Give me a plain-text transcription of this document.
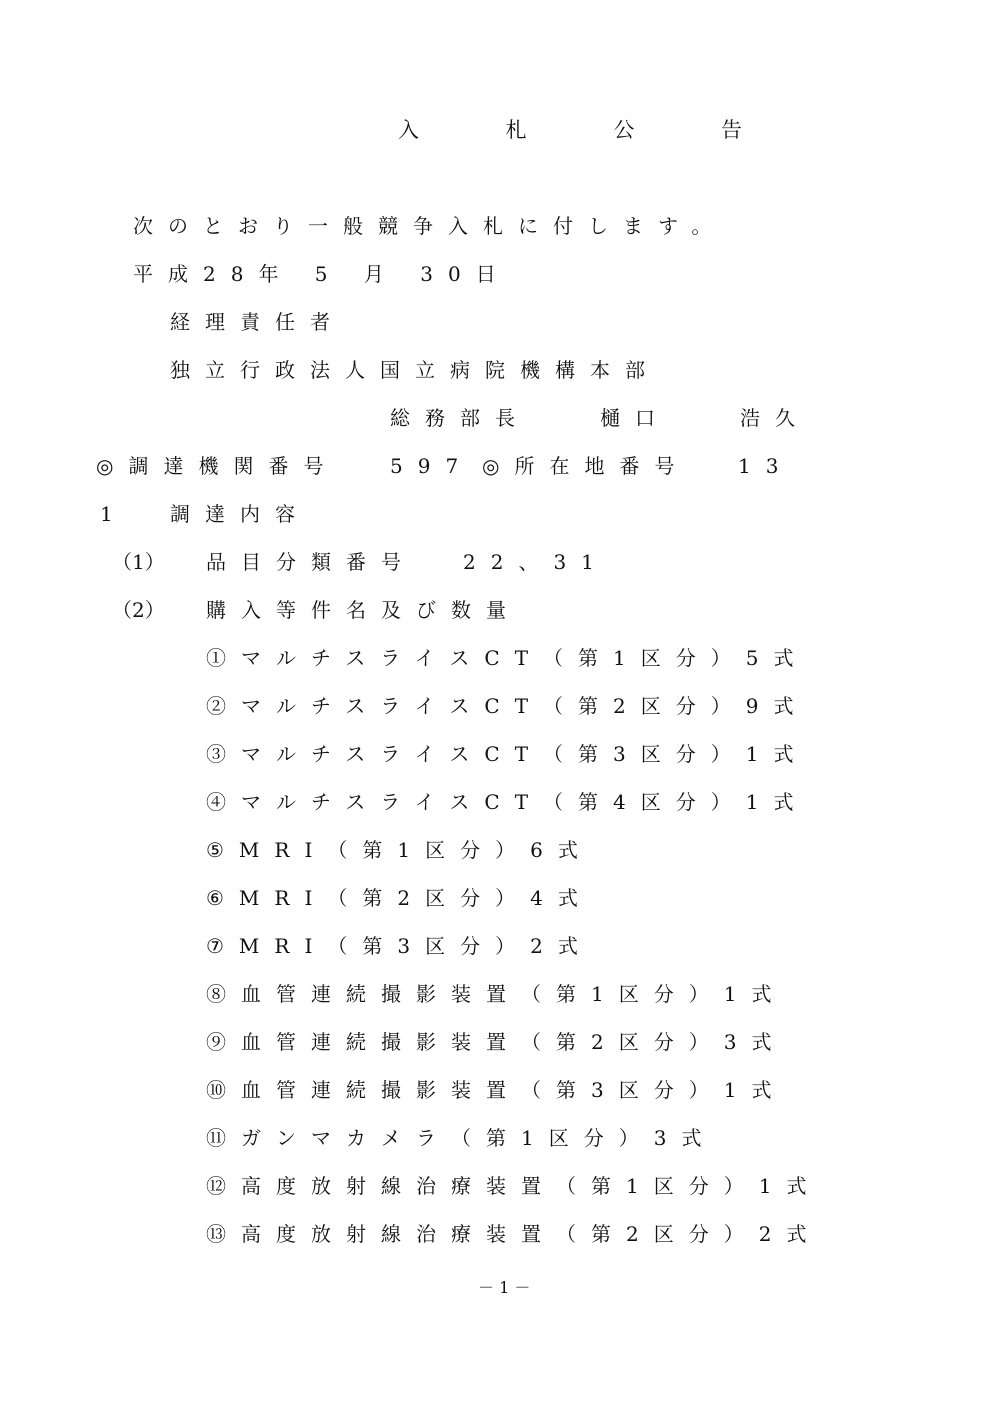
入 札 公 告
次のとおり一般競争入札に付します。
平成28年 5 月 30日
経理責任者
独立行政法人国立病院機構本部
総務部長　　樋口　　浩久
◎調達機関番号	597 ◎所在地番号 13
1	調達内容
（1） 品目分類番号 22、31
（2） 購入等件名及び数量
①マルチスライスCT（第1区分）5式
②マルチスライスCT（第2区分）9式
③マルチスライスCT（第3区分）1式
④マルチスライスCT（第4区分）1式
⑤MRI（第1区分）6式
⑥MRI（第2区分）4式
⑦MRI（第3区分）2式
⑧血管連続撮影装置（第1区分）1式
⑨血管連続撮影装置（第2区分）3式
⑩血管連続撮影装置（第3区分）1式
⑪ガンマカメラ（第1区分）3式
⑫高度放射線治療装置（第1区分）1式
⑬高度放射線治療装置（第2区分）2式
－ 1 －
